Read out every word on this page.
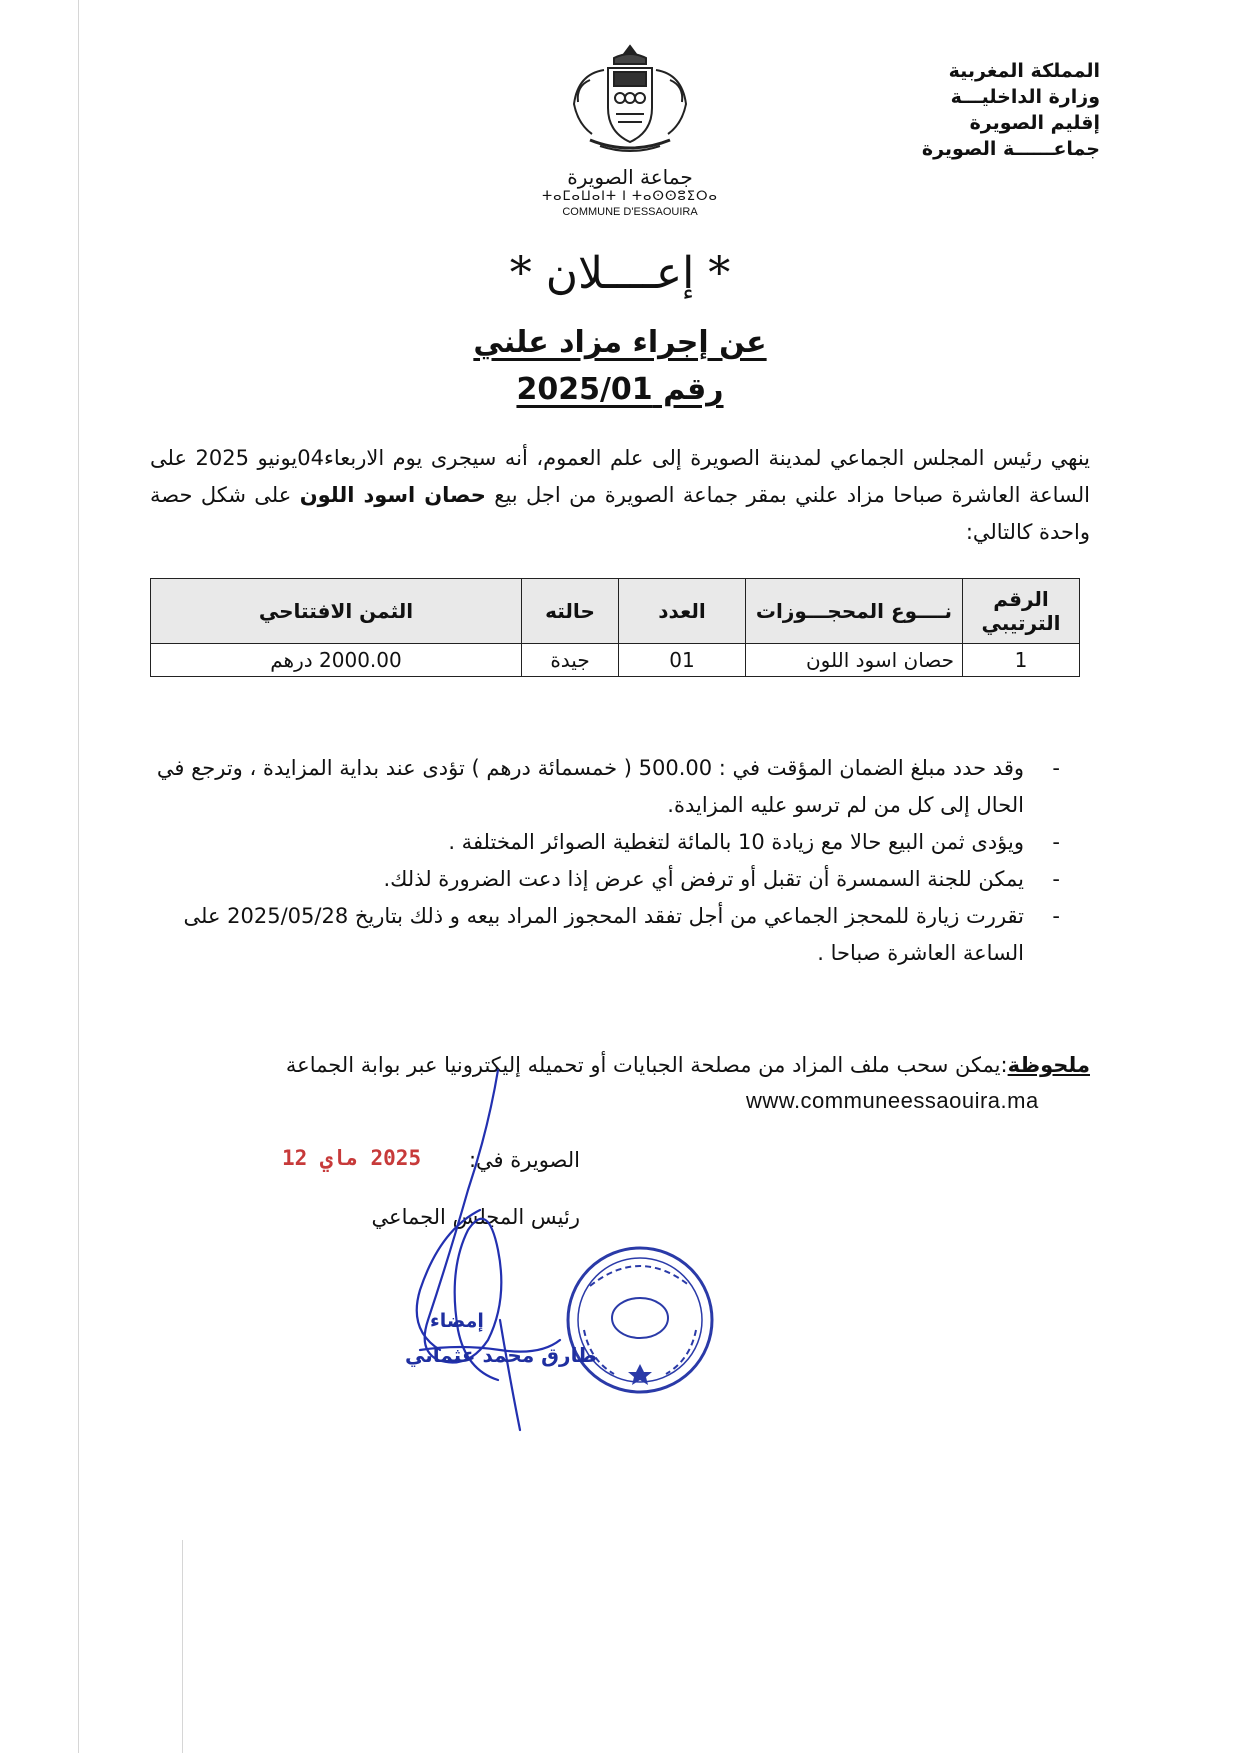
المملكة المغربية
وزارة الداخليـــة
إقليم الصويرة
جماعــــــة الصويرة
جماعة الصويرة
ⵜⴰⵎⴰⵡⴰⵏⵜ ⵏ ⵜⴰⵙⵙⵓⵉⵔⴰ
COMMUNE D'ESSAOUIRA
* إعــــلان *
عن إجراء مزاد علني
رقم 2025/01
ينهي رئيس المجلس الجماعي لمدينة الصويرة إلى علم العموم، أنه سيجرى يوم الاربعاء04يونيو 2025 على الساعة العاشرة صباحا مزاد علني بمقر جماعة الصويرة من اجل بيع حصان اسود اللون على شكل حصة واحدة كالتالي:
الرقم الترتيبي	نــــوع المحجـــوزات	العدد	حالته	الثمن الافتتاحي
1	حصان اسود اللون	01	جيدة	2000.00 درهم
-
وقد حدد مبلغ الضمان المؤقت في : 500.00 ( خمسمائة درهم ) تؤدى عند بداية المزايدة ، وترجع في الحال إلى كل من لم ترسو عليه المزايدة.
-
ويؤدى ثمن البيع حالا مع زيادة 10 بالمائة لتغطية الصوائر المختلفة .
-
يمكن للجنة السمسرة أن تقبل أو ترفض أي عرض إذا دعت الضرورة لذلك.
-
تقررت زيارة للمحجز الجماعي من أجل تفقد المحجوز المراد بيعه و ذلك بتاريخ 2025/05/28 على الساعة العاشرة صباحا .
ملحوظة:يمكن سحب ملف المزاد من مصلحة الجبايات أو تحميله إليكترونيا عبر بوابة الجماعة
www.communeessaouira.ma
الصويرة في:
2025 ماي 12
رئيس المجلس الجماعي
إمضاء
طارق محمد عثماني
